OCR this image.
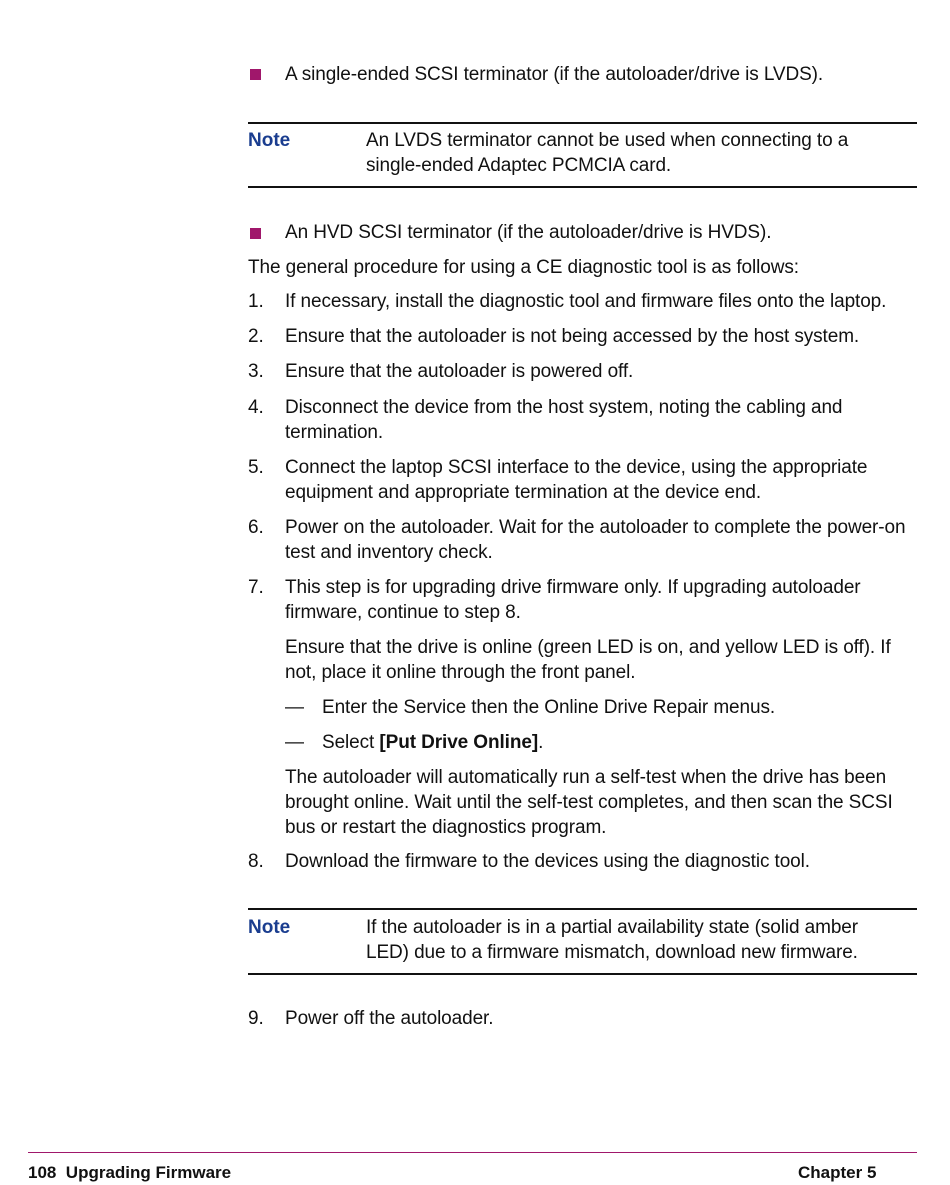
A single-ended SCSI terminator (if the autoloader/drive is LVDS).
Note	An LVDS terminator cannot be used when connecting to a single-ended Adaptec PCMCIA card.
An HVD SCSI terminator (if the autoloader/drive is HVDS).
The general procedure for using a CE diagnostic tool is as follows:
1. If necessary, install the diagnostic tool and firmware files onto the laptop.
2. Ensure that the autoloader is not being accessed by the host system.
3. Ensure that the autoloader is powered off.
4. Disconnect the device from the host system, noting the cabling and termination.
5. Connect the laptop SCSI interface to the device, using the appropriate equipment and appropriate termination at the device end.
6. Power on the autoloader. Wait for the autoloader to complete the power-on test and inventory check.
7. This step is for upgrading drive firmware only. If upgrading autoloader firmware, continue to step 8.
Ensure that the drive is online (green LED is on, and yellow LED is off). If not, place it online through the front panel.
— Enter the Service then the Online Drive Repair menus.
— Select [Put Drive Online].
The autoloader will automatically run a self-test when the drive has been brought online. Wait until the self-test completes, and then scan the SCSI bus or restart the diagnostics program.
8. Download the firmware to the devices using the diagnostic tool.
Note	If the autoloader is in a partial availability state (solid amber LED) due to a firmware mismatch, download new firmware.
9. Power off the autoloader.
108  Upgrading Firmware	Chapter 5
